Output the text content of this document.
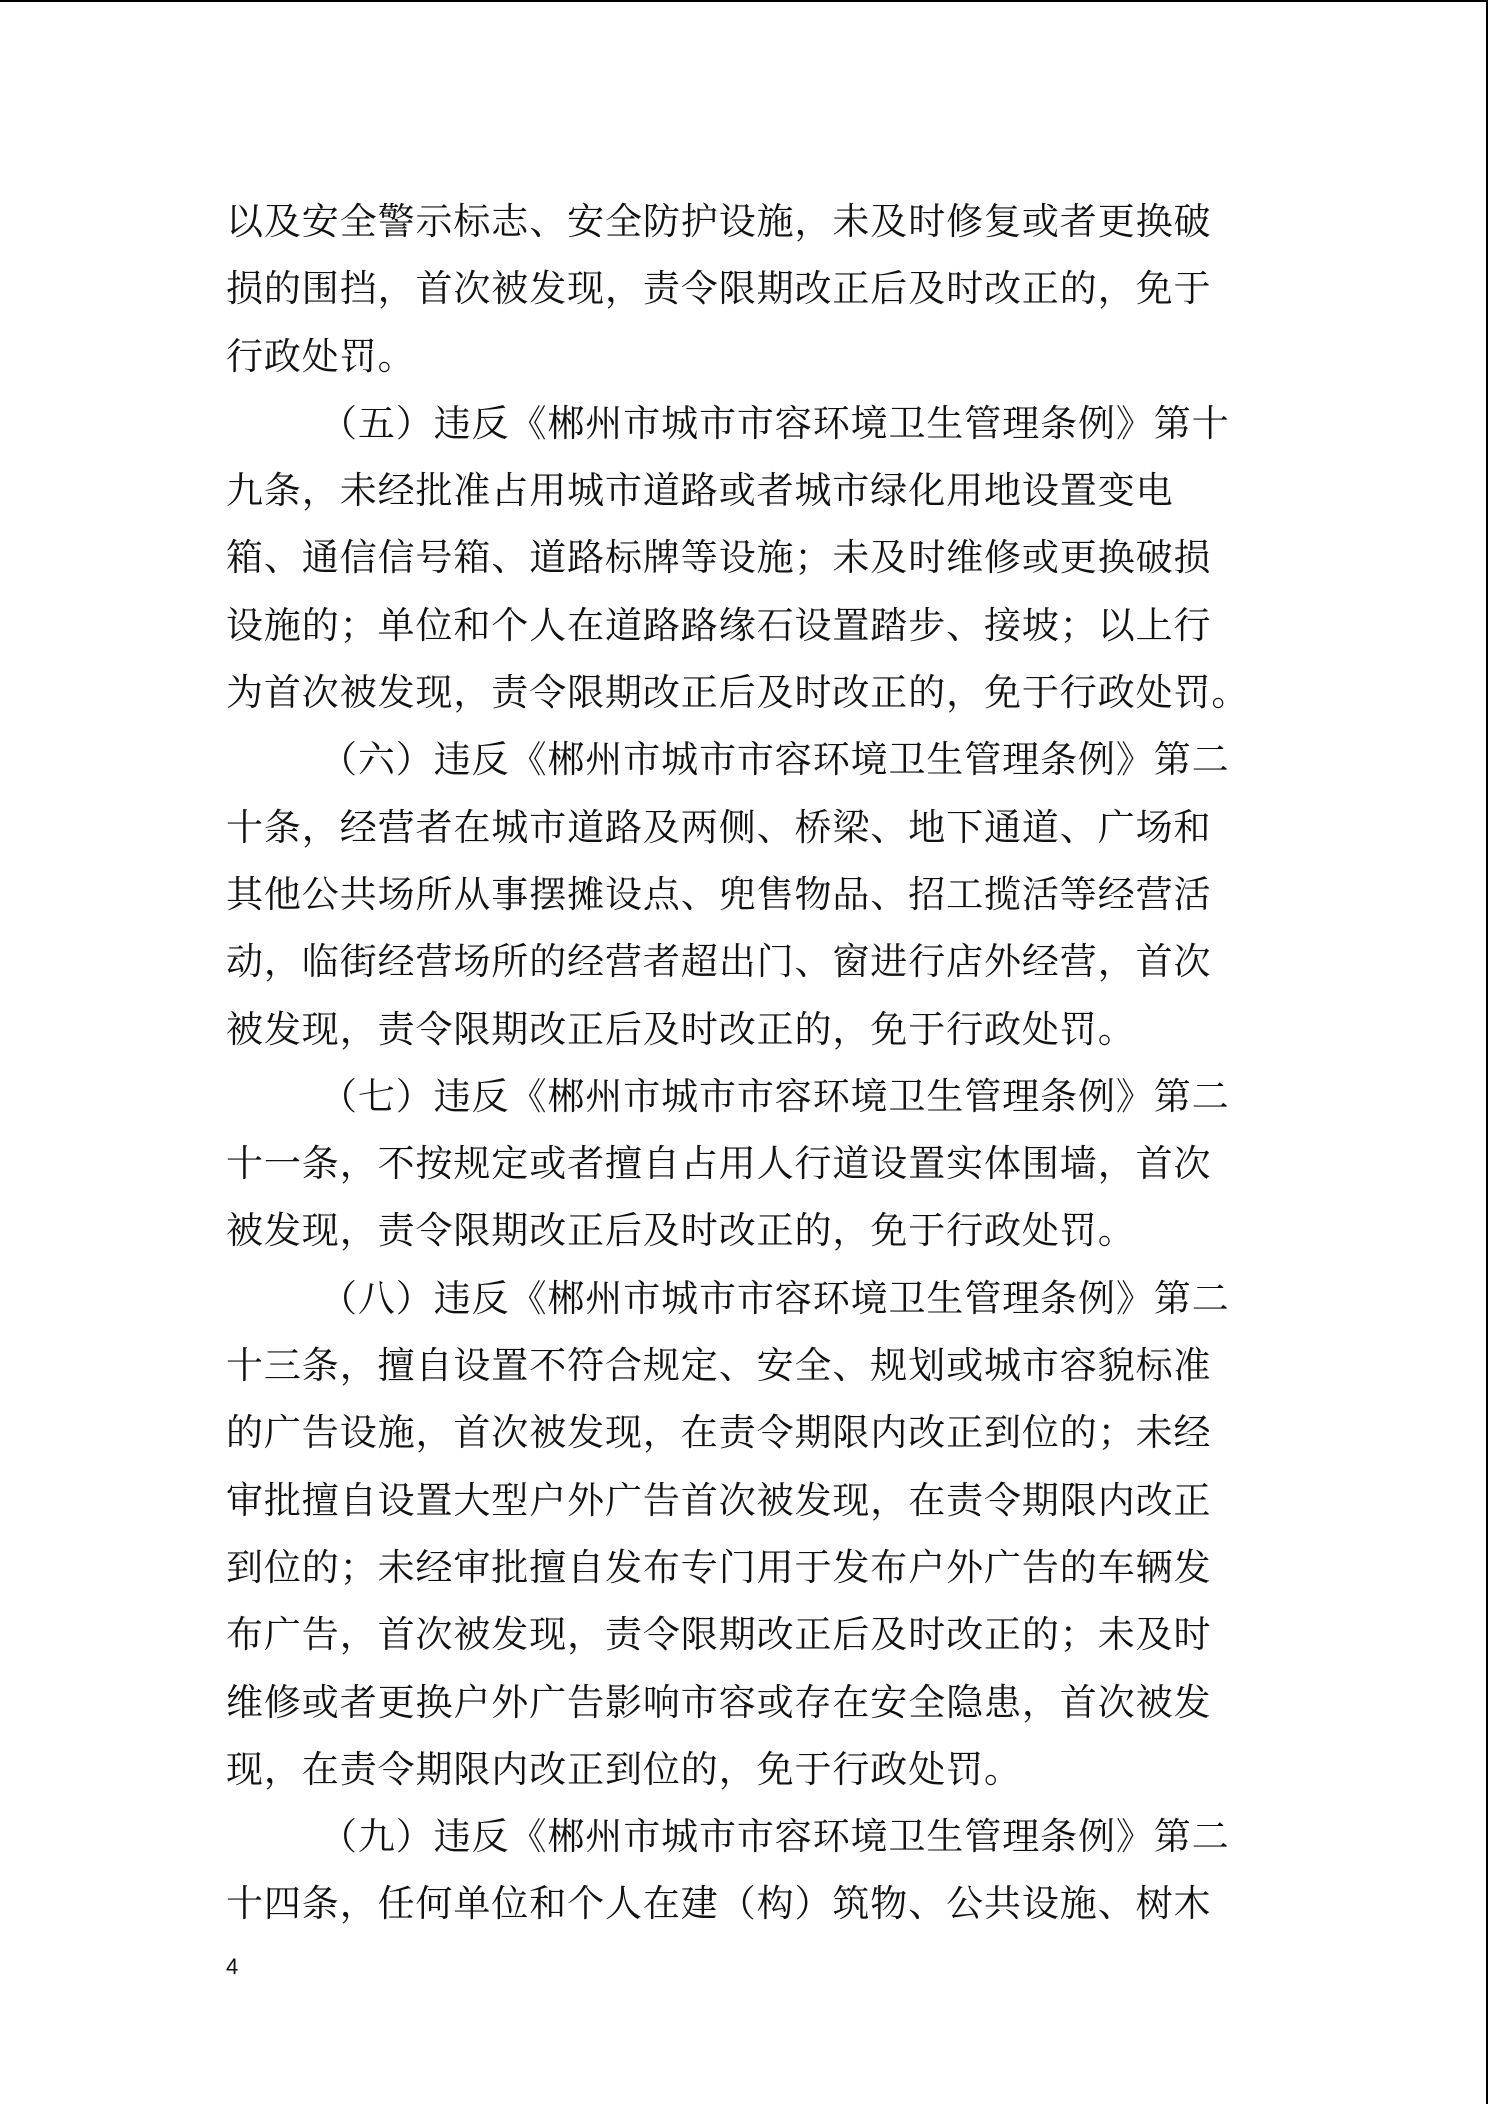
以及安全警示标志、安全防护设施，未及时修复或者更换破
损的围挡，首次被发现，责令限期改正后及时改正的，免于
行政处罚。
（五）违反《郴州市城市市容环境卫生管理条例》第十
九条，未经批准占用城市道路或者城市绿化用地设置变电
箱、通信信号箱、道路标牌等设施；未及时维修或更换破损
设施的；单位和个人在道路路缘石设置踏步、接坡；以上行
为首次被发现，责令限期改正后及时改正的，免于行政处罚。
（六）违反《郴州市城市市容环境卫生管理条例》第二
十条，经营者在城市道路及两侧、桥梁、地下通道、广场和
其他公共场所从事摆摊设点、兜售物品、招工揽活等经营活
动，临街经营场所的经营者超出门、窗进行店外经营，首次
被发现，责令限期改正后及时改正的，免于行政处罚。
（七）违反《郴州市城市市容环境卫生管理条例》第二
十一条，不按规定或者擅自占用人行道设置实体围墙，首次
被发现，责令限期改正后及时改正的，免于行政处罚。
（八）违反《郴州市城市市容环境卫生管理条例》第二
十三条，擅自设置不符合规定、安全、规划或城市容貌标准
的广告设施，首次被发现，在责令期限内改正到位的；未经
审批擅自设置大型户外广告首次被发现，在责令期限内改正
到位的；未经审批擅自发布专门用于发布户外广告的车辆发
布广告，首次被发现，责令限期改正后及时改正的；未及时
维修或者更换户外广告影响市容或存在安全隐患，首次被发
现，在责令期限内改正到位的，免于行政处罚。
（九）违反《郴州市城市市容环境卫生管理条例》第二
十四条，任何单位和个人在建（构）筑物、公共设施、树木
4
